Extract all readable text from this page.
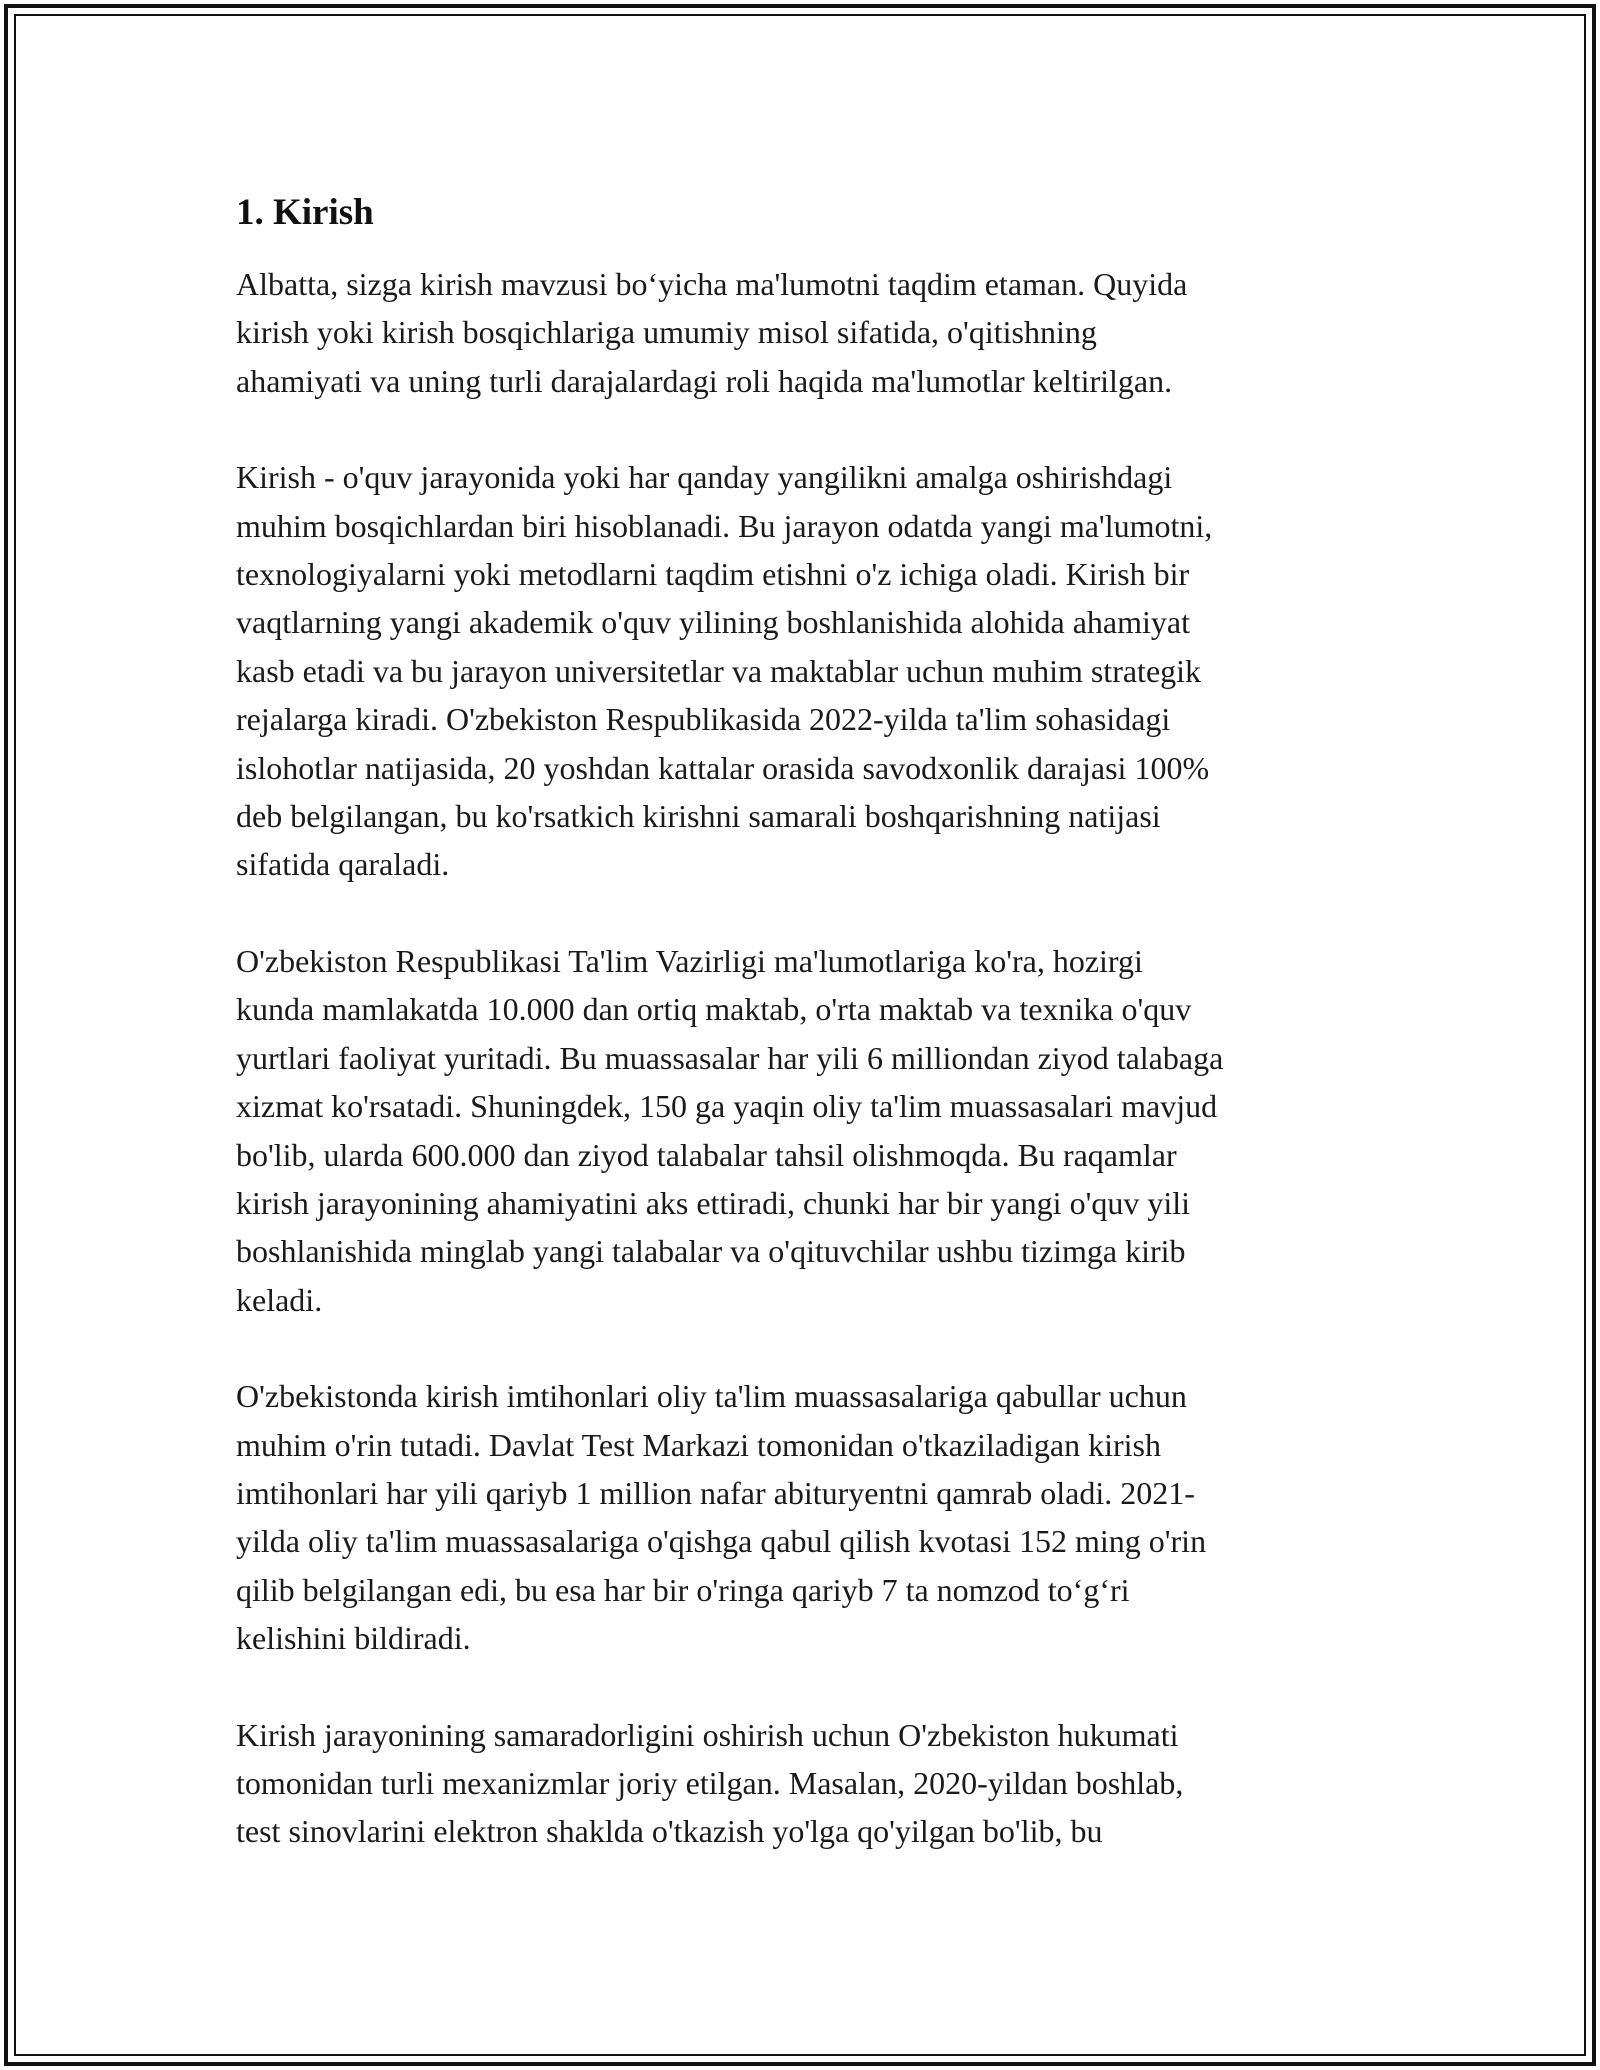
1. Kirish

Albatta, sizga kirish mavzusi bo‘yicha ma'lumotni taqdim etaman. Quyida
kirish yoki kirish bosqichlariga umumiy misol sifatida, o'qitishning
ahamiyati va uning turli darajalardagi roli haqida ma'lumotlar keltirilgan.

Kirish - o'quv jarayonida yoki har qanday yangilikni amalga oshirishdagi
muhim bosqichlardan biri hisoblanadi. Bu jarayon odatda yangi ma'lumotni,
texnologiyalarni yoki metodlarni taqdim etishni o'z ichiga oladi. Kirish bir
vaqtlarning yangi akademik o'quv yilining boshlanishida alohida ahamiyat
kasb etadi va bu jarayon universitetlar va maktablar uchun muhim strategik
rejalarga kiradi. O'zbekiston Respublikasida 2022-yilda ta'lim sohasidagi
islohotlar natijasida, 20 yoshdan kattalar orasida savodxonlik darajasi 100%
deb belgilangan, bu ko'rsatkich kirishni samarali boshqarishning natijasi
sifatida qaraladi.

O'zbekiston Respublikasi Ta'lim Vazirligi ma'lumotlariga ko'ra, hozirgi
kunda mamlakatda 10.000 dan ortiq maktab, o'rta maktab va texnika o'quv
yurtlari faoliyat yuritadi. Bu muassasalar har yili 6 milliondan ziyod talabaga
xizmat ko'rsatadi. Shuningdek, 150 ga yaqin oliy ta'lim muassasalari mavjud
bo'lib, ularda 600.000 dan ziyod talabalar tahsil olishmoqda. Bu raqamlar
kirish jarayonining ahamiyatini aks ettiradi, chunki har bir yangi o'quv yili
boshlanishida minglab yangi talabalar va o'qituvchilar ushbu tizimga kirib
keladi.

O'zbekistonda kirish imtihonlari oliy ta'lim muassasalariga qabullar uchun
muhim o'rin tutadi. Davlat Test Markazi tomonidan o'tkaziladigan kirish
imtihonlari har yili qariyb 1 million nafar abituryentni qamrab oladi. 2021-
yilda oliy ta'lim muassasalariga o'qishga qabul qilish kvotasi 152 ming o'rin
qilib belgilangan edi, bu esa har bir o'ringa qariyb 7 ta nomzod to‘g‘ri
kelishini bildiradi.

Kirish jarayonining samaradorligini oshirish uchun O'zbekiston hukumati
tomonidan turli mexanizmlar joriy etilgan. Masalan, 2020-yildan boshlab,
test sinovlarini elektron shaklda o'tkazish yo'lga qo'yilgan bo'lib, bu
